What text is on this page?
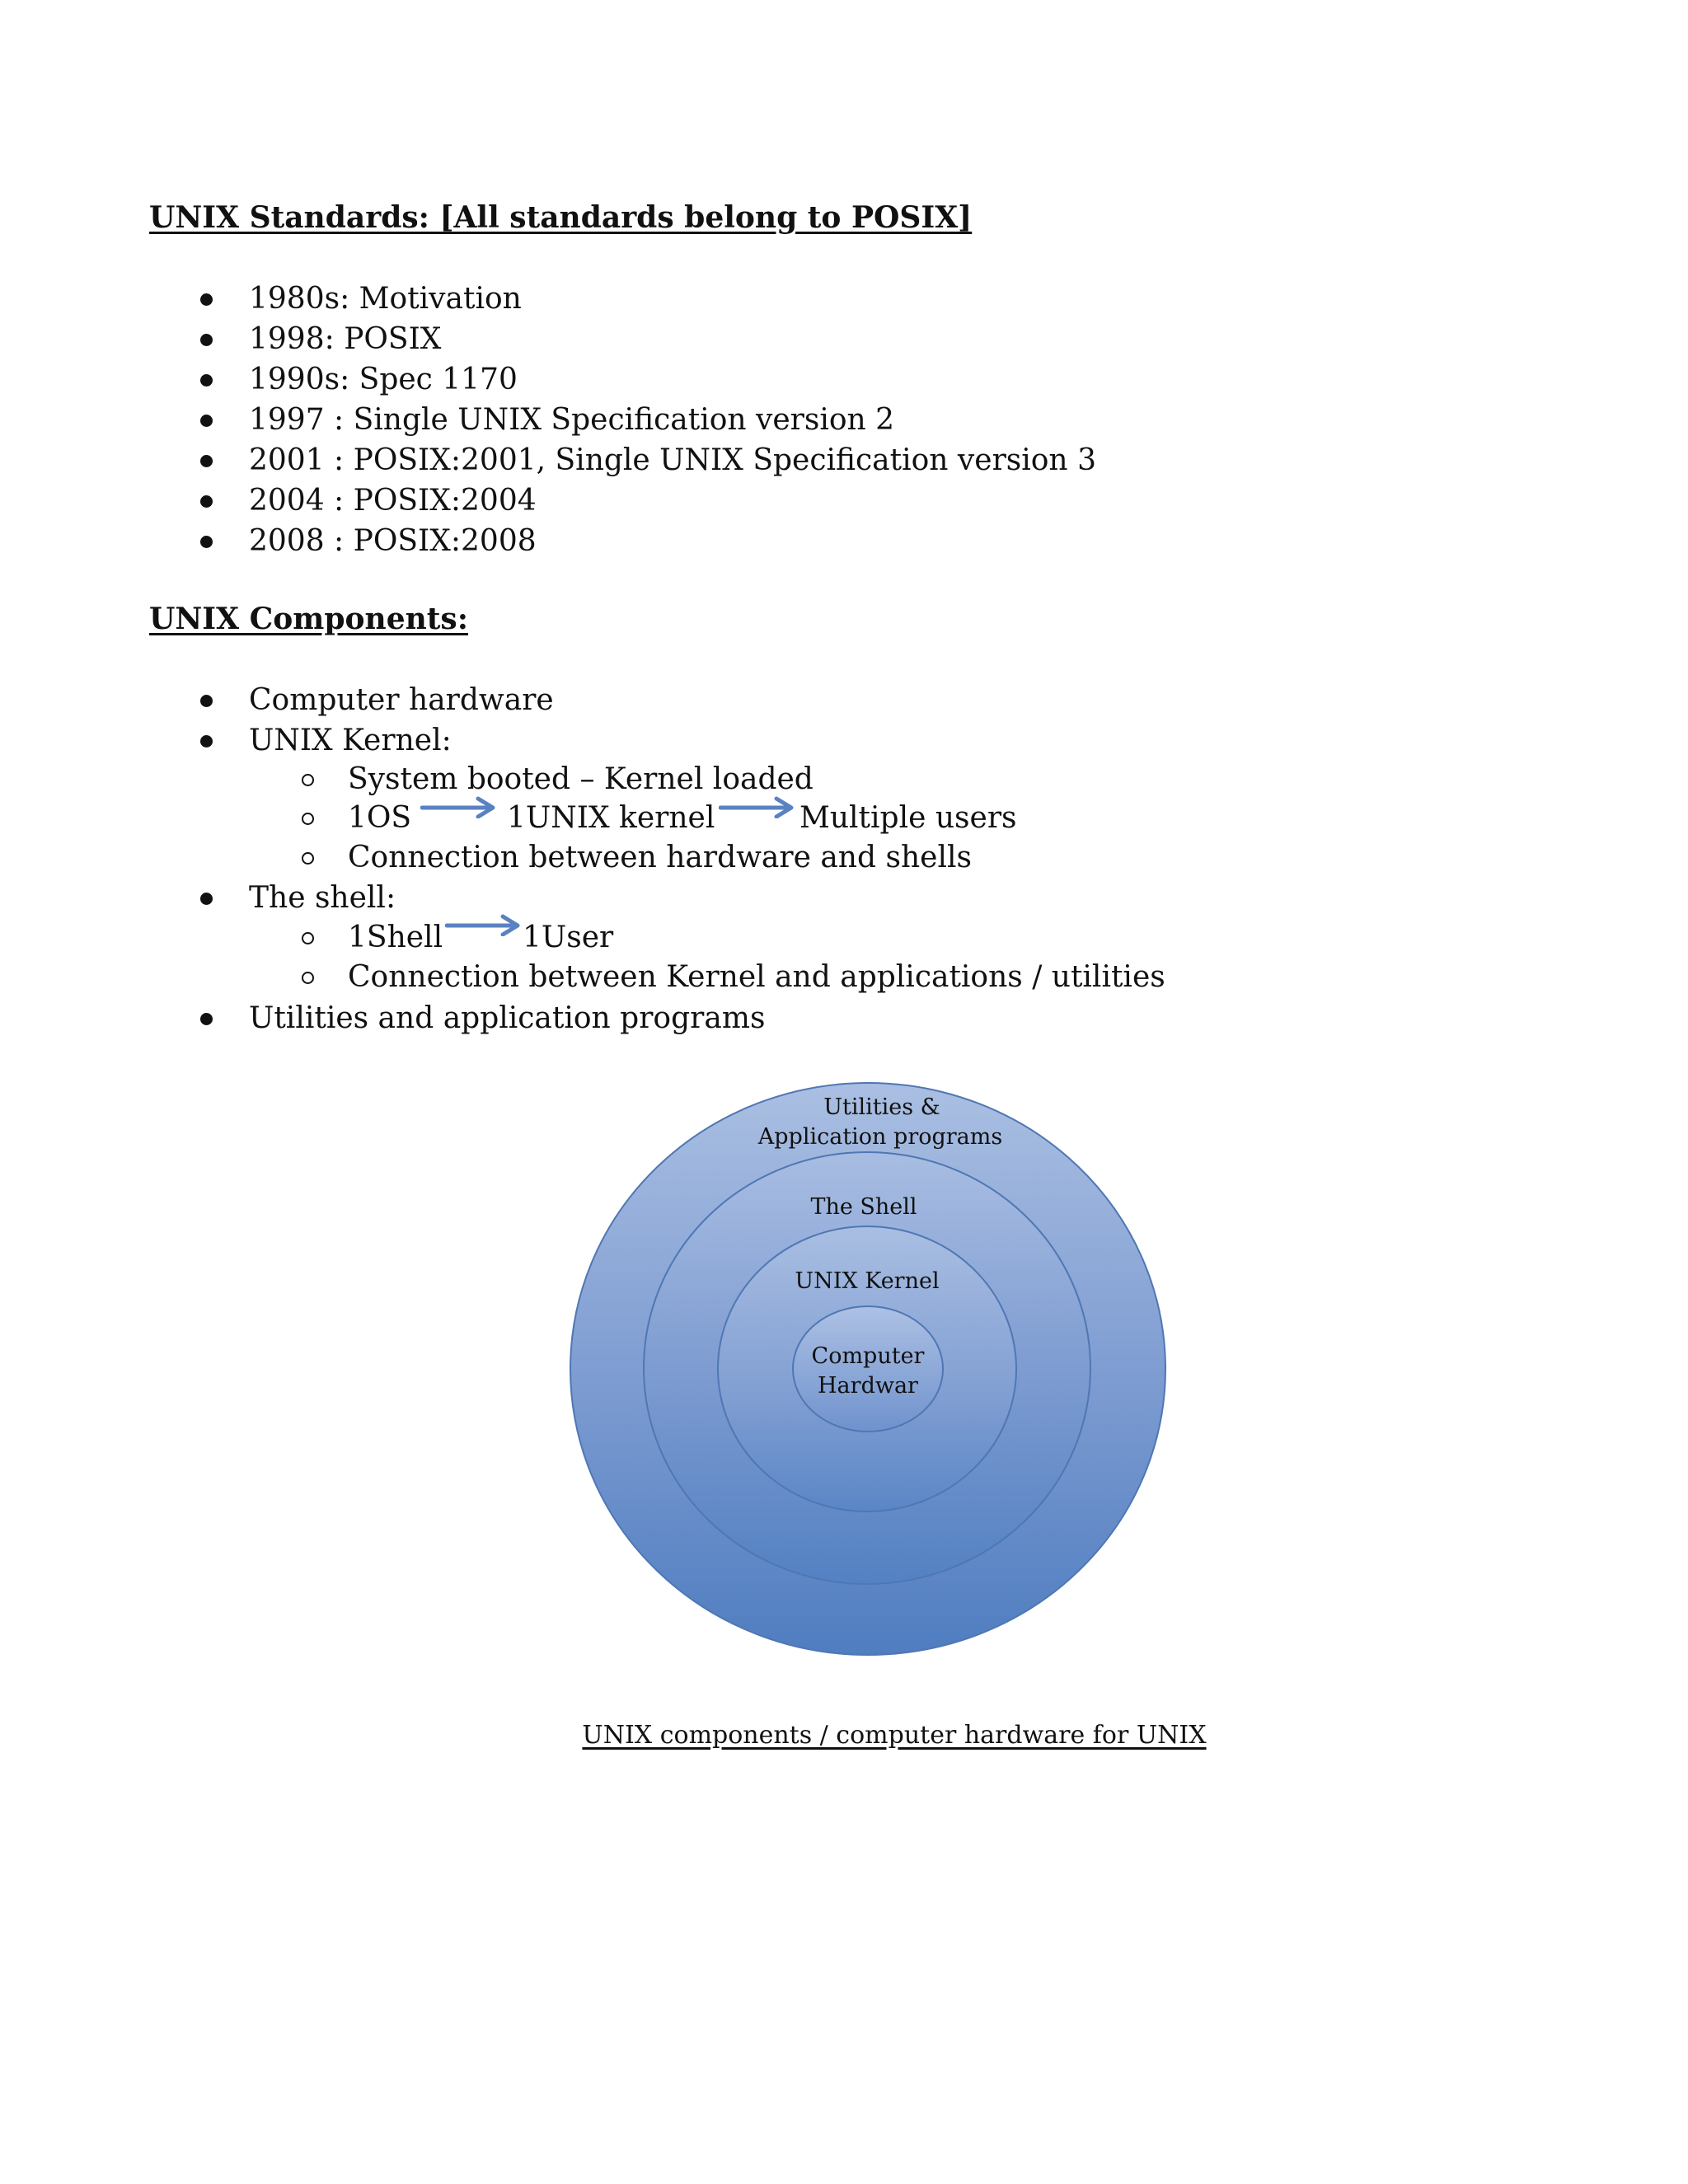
UNIX Standards: [All standards belong to POSIX]
1980s: Motivation
1998: POSIX
1990s: Spec 1170
1997 : Single UNIX Specification version 2
2001 : POSIX:2001, Single UNIX Specification version 3
2004 : POSIX:2004
2008 : POSIX:2008
UNIX Components:
Computer hardware
UNIX Kernel:
System booted – Kernel loaded
1OS	1UNIX kernel	Multiple users
Connection between hardware and shells
The shell:
1Shell	1User
Connection between Kernel and applications / utilities
Utilities and application programs
Utilities &
Application programs
The Shell
UNIX Kernel
Computer
Hardwar
UNIX components / computer hardware for UNIX
